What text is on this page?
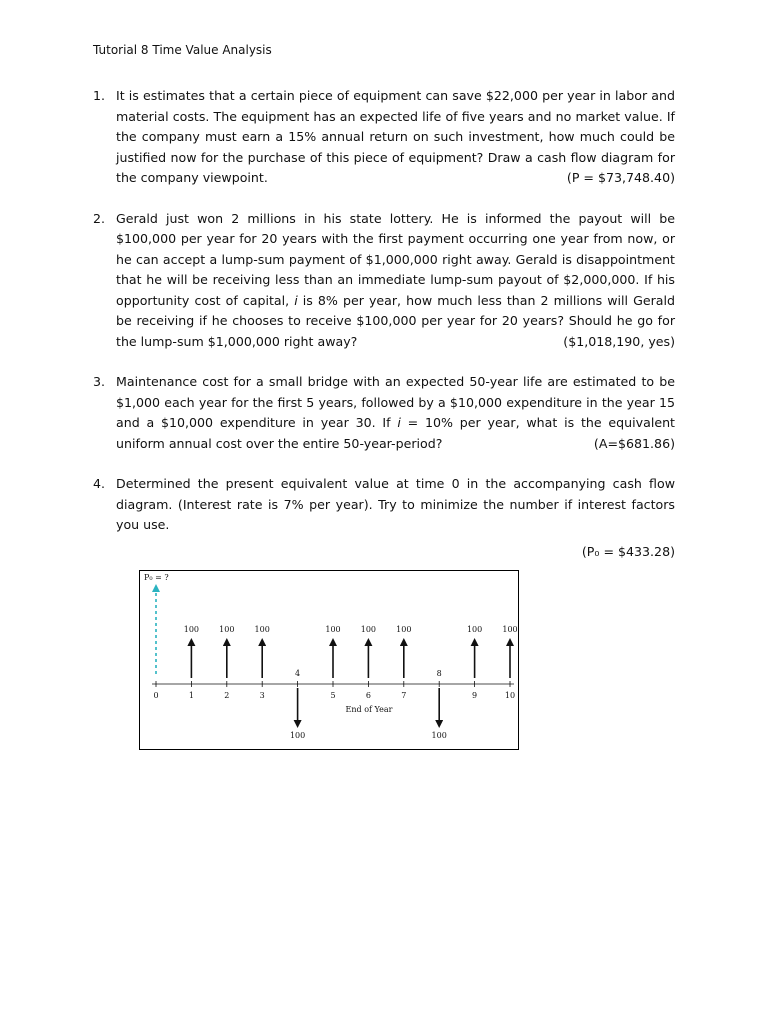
Tutorial 8 Time Value Analysis
1. It is estimates that a certain piece of equipment can save $22,000 per year in labor and material costs. The equipment has an expected life of five years and no market value. If the company must earn a 15% annual return on such investment, how much could be justified now for the purchase of this piece of equipment? Draw a cash flow diagram for the company viewpoint.	(P = $73,748.40)
2. Gerald just won 2 millions in his state lottery. He is informed the payout will be $100,000 per year for 20 years with the first payment occurring one year from now, or he can accept a lump-sum payment of $1,000,000 right away. Gerald is disappointment that he will be receiving less than an immediate lump-sum payout of $2,000,000. If his opportunity cost of capital, i is 8% per year, how much less than 2 millions will Gerald be receiving if he chooses to receive $100,000 per year for 20 years? Should he go for the lump-sum $1,000,000 right away?	($1,018,190, yes)
3. Maintenance cost for a small bridge with an expected 50-year life are estimated to be $1,000 each year for the first 5 years, followed by a $10,000 expenditure in the year 15 and a $10,000 expenditure in year 30. If i = 10% per year, what is the equivalent uniform annual cost over the entire 50-year-period?	(A=$681.86)
4. Determined the present equivalent value at time 0 in the accompanying cash flow diagram. (Interest rate is 7% per year). Try to minimize the number if interest factors you use.
(P₀ = $433.28)
P₀ = ?
End of Year
0	1	2	3
4
5	6	7
8
9	10
100	100	100
100
100	100	100
100
100	100
